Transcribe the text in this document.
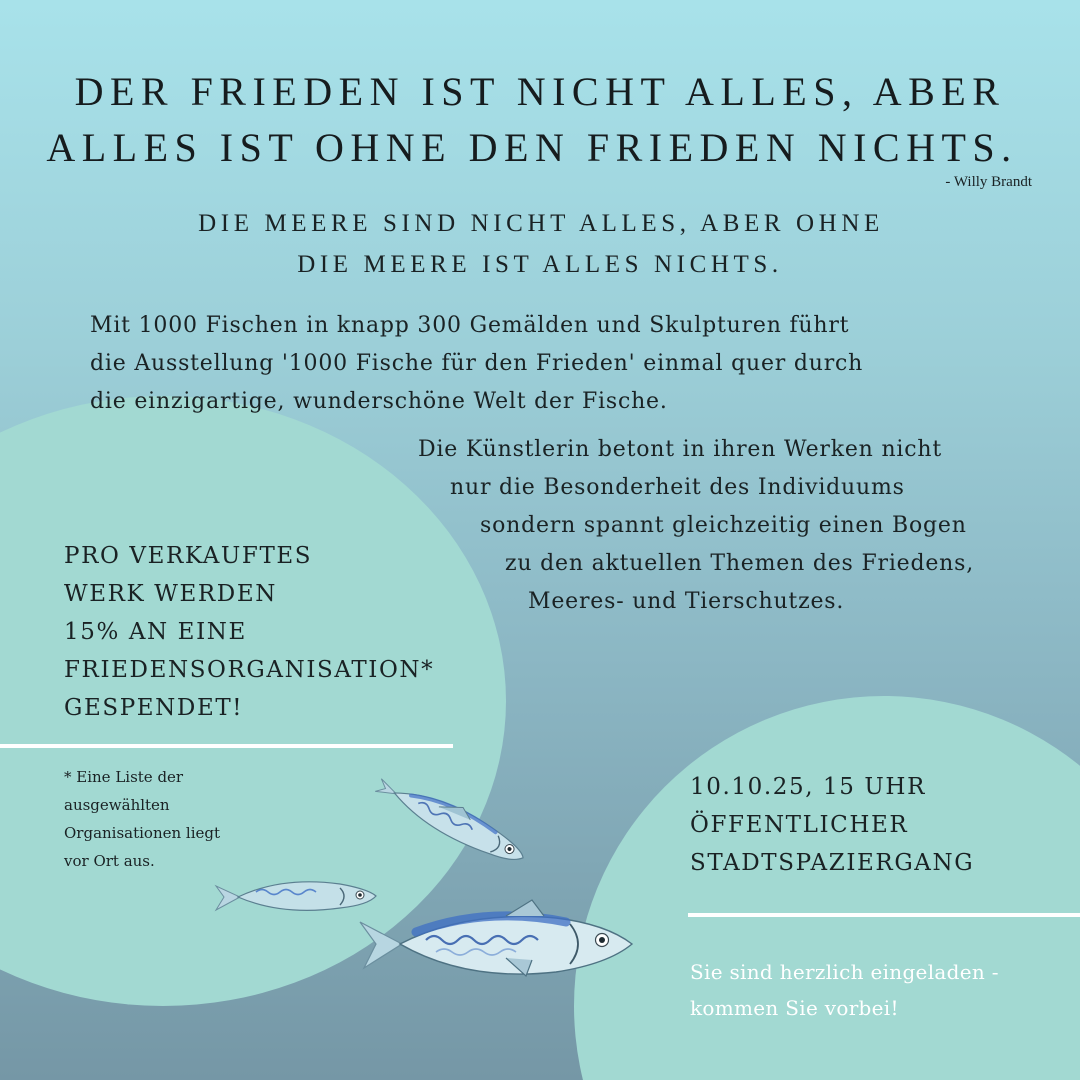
DER FRIEDEN IST NICHT ALLES, ABER
ALLES IST OHNE DEN FRIEDEN NICHTS.
- Willy Brandt
DIE MEERE SIND NICHT ALLES, ABER OHNE
DIE MEERE IST ALLES NICHTS.
Mit 1000 Fischen in knapp 300 Gemälden und Skulpturen führt
die Ausstellung '1000 Fische für den Frieden' einmal quer durch
die einzigartige, wunderschöne Welt der Fische.
Die Künstlerin betont in ihren Werken nicht
nur die Besonderheit des Individuums
sondern spannt gleichzeitig einen Bogen
zu den aktuellen Themen des Friedens,
Meeres- und Tierschutzes.
PRO VERKAUFTES
WERK WERDEN
15% AN EINE
FRIEDENSORGANISATION*
GESPENDET!
* Eine Liste der
ausgewählten
Organisationen liegt
vor Ort aus.
10.10.25, 15 UHR
ÖFFENTLICHER
STADTSPAZIERGANG
Sie sind herzlich eingeladen -
kommen Sie vorbei!
